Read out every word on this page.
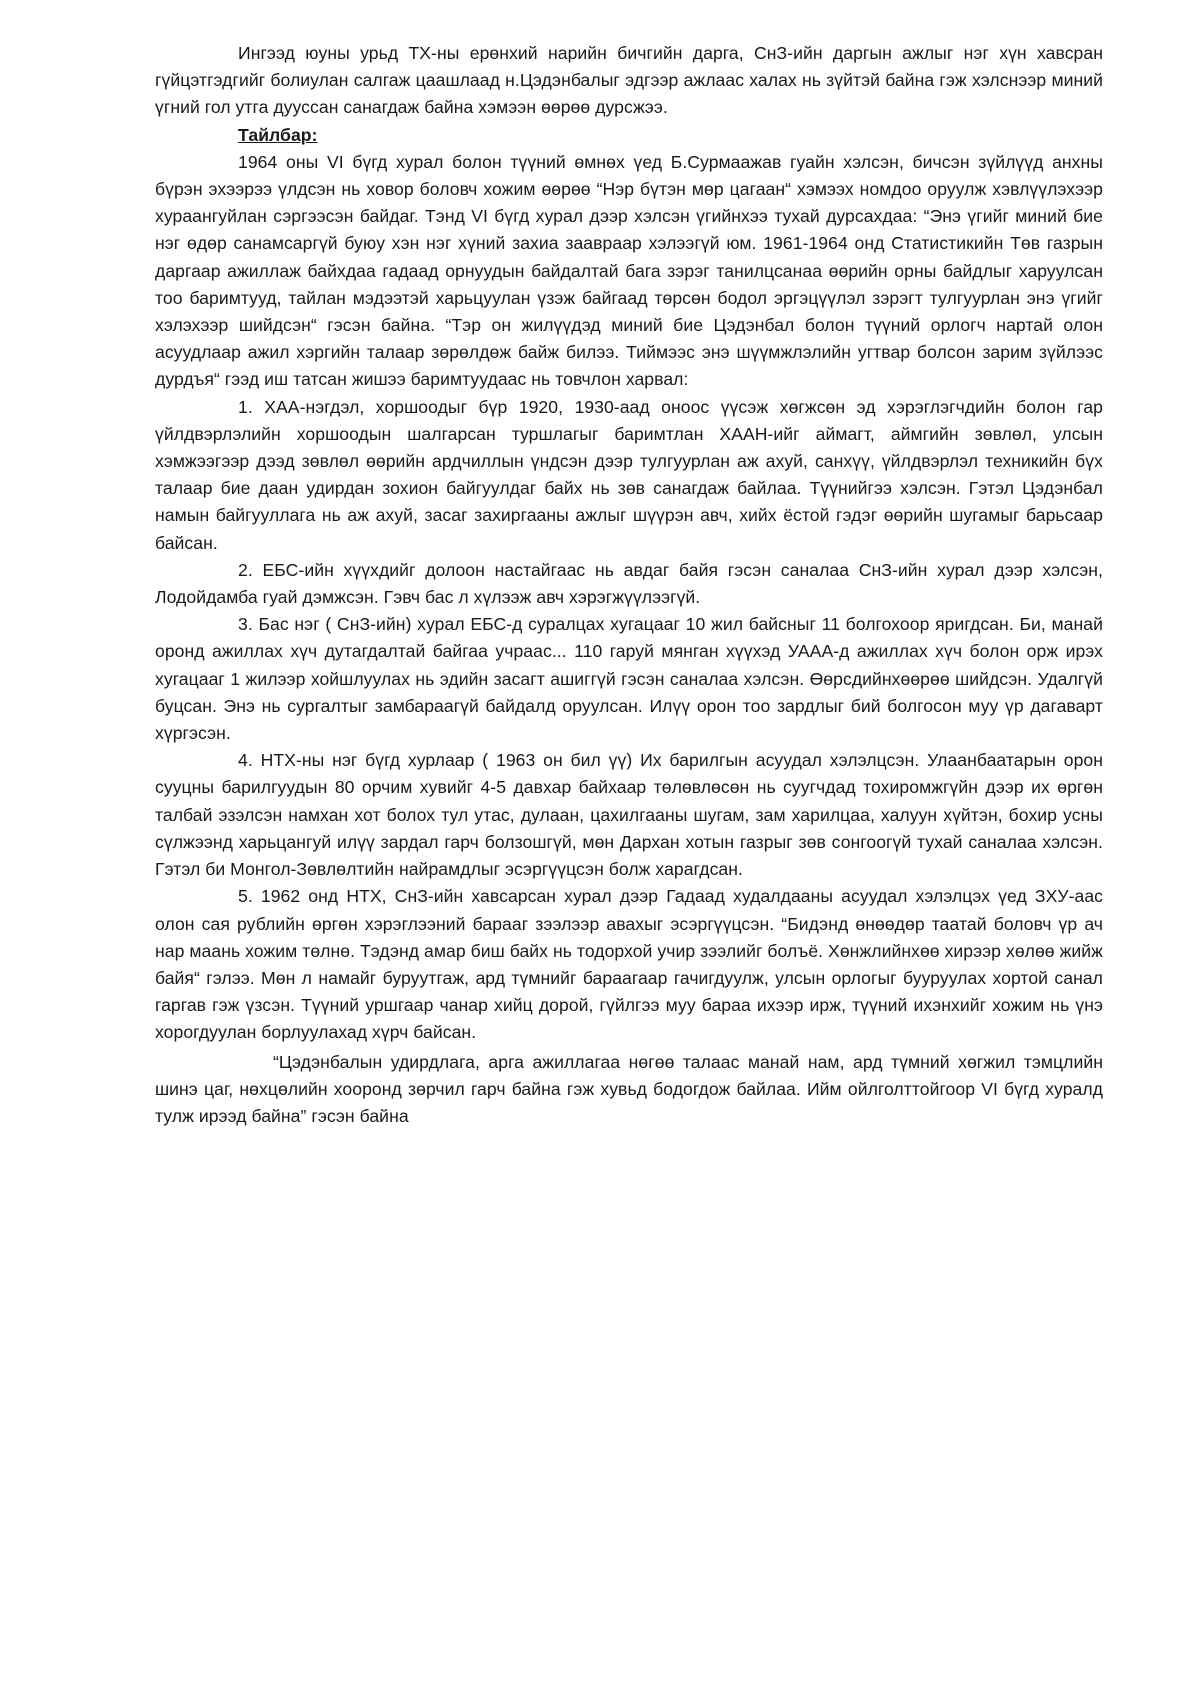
Ингээд юуны урьд ТХ-ны ерөнхий нарийн бичгийн дарга, СнЗ-ийн даргын ажлыг нэг хүн хавсран гүйцэтгэдгийг болиулан салгаж цаашлаад н.Цэдэнбалыг эдгээр ажлаас халах нь зүйтэй байна гэж хэлснээр миний үгний гол утга дууссан санагдаж байна хэмээн өөрөө дурсжээ.

Тайлбар:

1964 оны VI бүгд хурал болон түүний өмнөх үед Б.Сурмаажав гуайн хэлсэн, бичсэн зүйлүүд анхны бүрэн эхээрээ үлдсэн нь ховор боловч хожим өөрөө “Нэр бүтэн мөр цагаан“ хэмээх номдоо оруулж хэвлүүлэхээр хураангуйлан сэргээсэн байдаг. Тэнд VI бүгд хурал дээр хэлсэн үгийнхээ тухай дурсахдаа: “Энэ үгийг миний бие нэг өдөр санамсаргүй буюу хэн нэг хүний захиа зааврaар хэлээгүй юм. 1961-1964 онд Статистикийн Төв газрын даргаар ажиллаж байхдаа гадаад орнуудын байдалтай бага зэрэг танилцсанаа өөрийн орны байдлыг харуулсан тоо баримтууд, тайлан мэдээтэй харьцуулан үзэж байгаад төрсөн бодол эргэцүүлэл зэрэгт тулгуурлан энэ үгийг хэлэхээр шийдсэн“ гэсэн байна. “Тэр он жилүүдэд миний бие Цэдэнбал болон түүний орлогч нартай олон асуудлаар ажил хэргийн талаар зөрөлдөж байж билээ. Тиймээс энэ шүүмжлэлийн угтвар болсон зарим зүйлээс дурдъя“ гээд иш татсан жишээ баримтуудаас нь товчлон харвал:

1. ХАА-нэгдэл, хоршоодыг бүр 1920, 1930-аад оноос үүсэж хөгжсөн эд хэрэглэгчдийн болон гар үйлдвэрлэлийн хоршоодын шалгарсан туршлагыг баримтлан ХААН-ийг аймагт, аймгийн зөвлөл, улсын хэмжээгээр дээд зөвлөл өөрийн ардчиллын үндсэн дээр тулгуурлан аж ахуй, санхүү, үйлдвэрлэл техникийн бүх талаар бие даан удирдан зохион байгуулдаг байх нь зөв санагдаж байлаа. Түүнийгээ хэлсэн. Гэтэл Цэдэнбал намын байгууллага нь аж ахуй, засаг захиргааны ажлыг шүүрэн авч, хийх ёстой гэдэг өөрийн шугамыг барьсаар байсан.

2. ЕБС-ийн хүүхдийг долоон настайгаас нь авдаг байя гэсэн саналаа СнЗ-ийн хурал дээр хэлсэн, Лодойдамба гуай дэмжсэн. Гэвч бас л хүлээж авч хэрэгжүүлээгүй.

3. Бас нэг ( СнЗ-ийн) хурал ЕБС-д суралцах хугацааг 10 жил байсныг 11 болгохоор яригдсан. Би, манай оронд ажиллах хүч дутагдалтай байгаа учраас... 110 гаруй мянган хүүхэд УААА-д ажиллах хүч болон орж ирэх хугацааг 1 жилээр хойшлуулах нь эдийн засагт ашиггүй гэсэн саналаа хэлсэн. Өөрсдийнхөөрөө шийдсэн. Удалгүй буцсан. Энэ нь сургалтыг замбараагүй байдалд оруулсан. Илүү орон тоо зардлыг бий болгосон муу үр дагаварт хүргэсэн.

4. НТХ-ны нэг бүгд хурлаар ( 1963 он бил үү) Их барилгын асуудал хэлэлцсэн. Улаанбаатарын орон сууцны барилгуудын 80 орчим хувийг 4-5 давхар байхаар төлөвлөсөн нь суугчдад тохиромжгүйн дээр их өргөн талбай эзэлсэн намхан хот болох тул утас, дулаан, цахилгааны шугам, зам харилцаа, халуун хүйтэн, бохир усны сүлжээнд харьцангуй илүү зардал гарч болзошгүй, мөн Дархан хотын газрыг зөв сонгоогүй тухай саналаа хэлсэн. Гэтэл би Монгол-Зөвлөлтийн найрамдлыг эсэргүүцсэн болж харагдсан.

5. 1962 онд НТХ, СнЗ-ийн хавсарсан хурал дээр Гадаад худалдааны асуудал хэлэлцэх үед ЗХУ-аас олон сая рублийн өргөн хэрэглээний барааг зээлээр авахыг эсэргүүцсэн. “Бидэнд өнөөдөр таатай боловч үр ач нар маань хожим төлнө. Тэдэнд амар биш байх нь тодорхой учир зээлийг болъё. Хөнжлийнхөө хирээр хөлөө жийж байя“ гэлээ. Мөн л намайг буруутгаж, ард түмнийг бараагаар гачигдуулж, улсын орлогыг бууруулах хортой санал гаргав гэж үзсэн. Түүний уршгаар чанар хийц дорой, гүйлгээ муу бараа ихээр ирж, түүний ихэнхийг хожим нь үнэ хорогдуулан борлуулахад хүрч байсан.

“Цэдэнбалын удирдлага, арга ажиллагаа нөгөө талаас манай нам, ард түмний хөгжил тэмцлийн шинэ цаг, нөхцөлийн хооронд зөрчил гарч байна гэж хувьд бодогдож байлаа. Ийм ойлголттойгоор VI бүгд хуралд тулж ирээд байна” гэсэн байна
